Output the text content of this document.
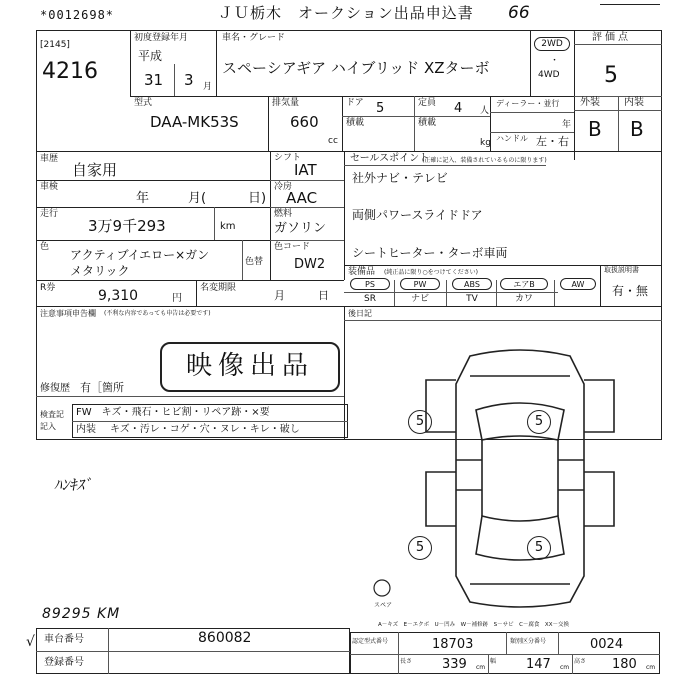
*0012698*	ＪＵ栃木　オークション出品申込書 66
[2145]
4216
初度登録年月
平成
31 3 月
車名・グレード
スペーシアギア ハイブリッド XZターボ
2WD
・
4WD
評価点
5
型式
DAA-MK53S
排気量
660
cc
ドア 5	定員 4 人
積載	積載
kg
ディーラー・並行
年
ハンドル 左・右
外装 内装
B B
車歴
自家用
車検
年	月(	日)
走行
3万9千293	km
色
アクティブイエロー×ガン
メタリック
色替
シフト
IAT
冷房
AAC
燃料
ガソリン
色コード
DW2
セールスポイント
(正確に記入、装備されているものに限ります)
社外ナビ・テレビ
両側パワースライドドア
シートヒーター・ターボ車両
装備品 (純正品に限り○をつけてください)
PS	PW	ABS	エアB	AW
SR	ナビ	TV	カワ
取扱説明書
有・無
R券	9,310	円
名変期限
月	日
注意事項申告欄 (不利な内容であっても申告は必要です)	後日記
映像出品
修復歴 有［箇所
検査記
記入
FW　キズ・飛石・ヒビ割・リペア跡・×要
内装 キズ・汚レ・コゲ・穴・ヌレ・キレ・破し
ﾊﾝｷｽﾞ
5	5
5	5
スペア
A－キズ　E－エクボ　U－凹み　W－補修跡　S－サビ　C－腐食　XX－交換
89295 KM
√ 車台番号	860082
登録番号
認定型式番号	18703	類別区分番号	0024
長さ 339 cm
幅 147 cm
高さ 180 cm
